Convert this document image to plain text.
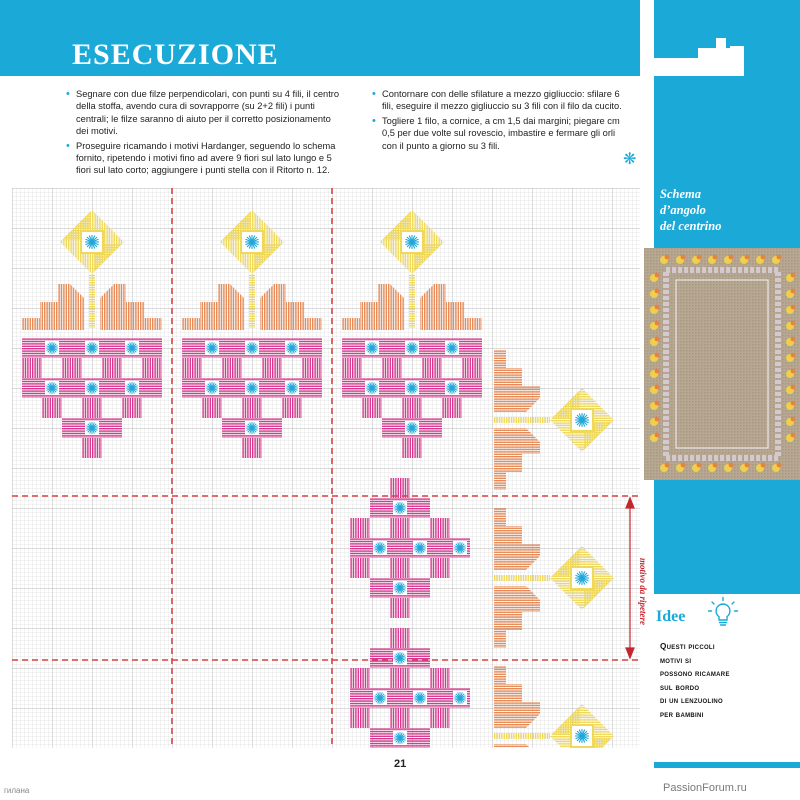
ESECUZIONE
• Segnare con due filze perpendicolari, con punti su 4 fili, il centro della stoffa, avendo cura di sovrapporre (su 2+2 fili) i punti centrali; le filze saranno di aiuto per il corretto posizionamento dei motivi.
• Proseguire ricamando i motivi Hardanger, seguendo lo schema fornito, ripetendo i motivi fino ad avere 9 fiori sul lato lungo e 5 fiori sul lato corto; aggiungere i punti stella con il Ritorto n. 12.
• Contornare con delle sfilature a mezzo gigliuccio: sfilare 6 fili, eseguire il mezzo gigliuccio su 3 fili con il filo da cucito.
• Togliere 1 filo, a cornice, a cm 1,5 dai margini; piegare cm 0,5 per due volte sul rovescio, imbastire e fermare gli orli con il punto a giorno su 3 fili.
❋
Schema
d’angolo
del centrino
motivo da ripetere Idee
Questi piccoli
motivi si
possono ricamare
sul bordo
di un lenzuolino
per bambini
21
гилана	PassionForum.ru
